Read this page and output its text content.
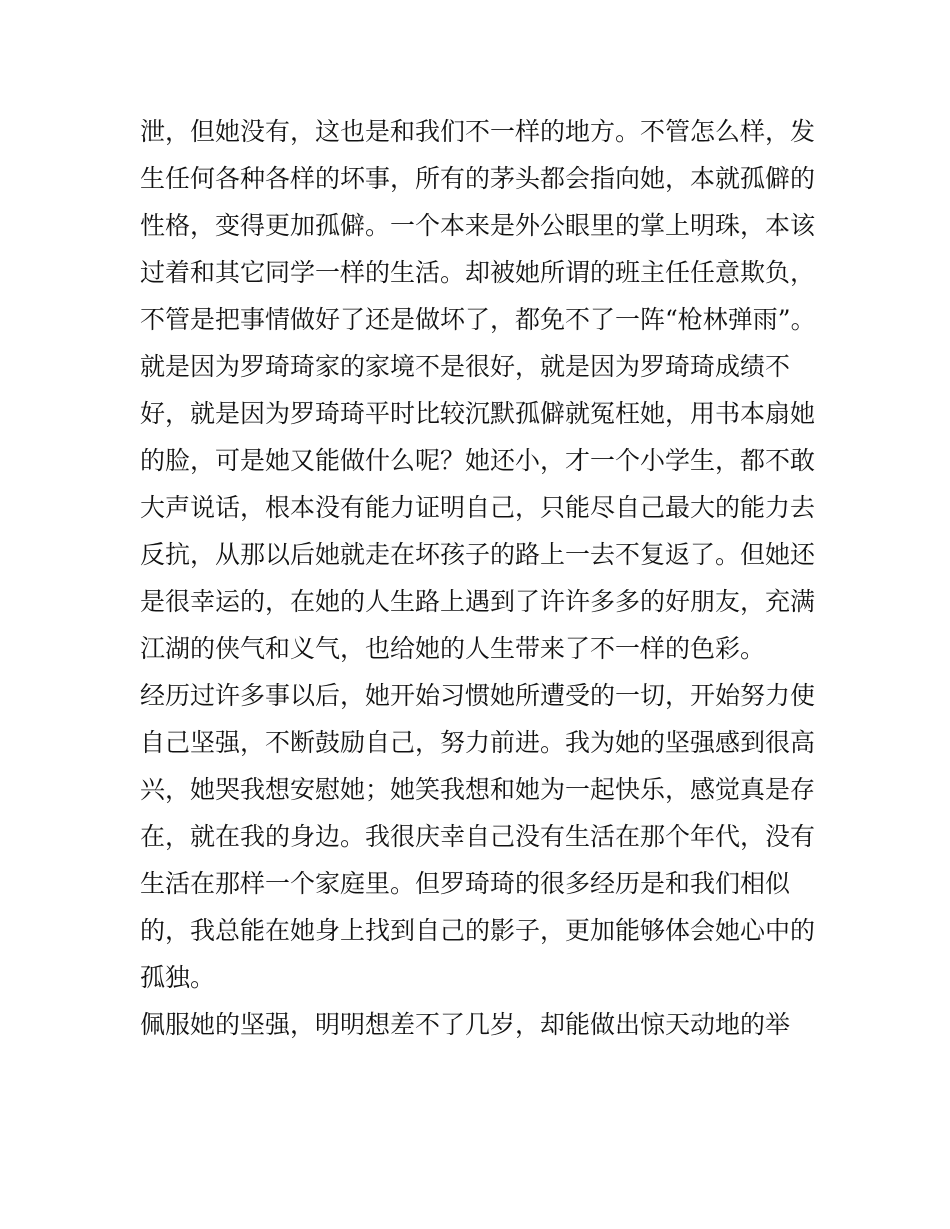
泄，但她没有，这也是和我们不一样的地方。不管怎么样，发
生任何各种各样的坏事，所有的茅头都会指向她，本就孤僻的
性格，变得更加孤僻。一个本来是外公眼里的掌上明珠，本该
过着和其它同学一样的生活。却被她所谓的班主任任意欺负，
不管是把事情做好了还是做坏了，都免不了一阵“枪林弹雨”。
就是因为罗琦琦家的家境不是很好，就是因为罗琦琦成绩不
好，就是因为罗琦琦平时比较沉默孤僻就冤枉她，用书本扇她
的脸，可是她又能做什么呢？她还小，才一个小学生，都不敢
大声说话，根本没有能力证明自己，只能尽自己最大的能力去
反抗，从那以后她就走在坏孩子的路上一去不复返了。但她还
是很幸运的，在她的人生路上遇到了许许多多的好朋友，充满
江湖的侠气和义气，也给她的人生带来了不一样的色彩。
经历过许多事以后，她开始习惯她所遭受的一切，开始努力使
自己坚强，不断鼓励自己，努力前进。我为她的坚强感到很高
兴，她哭我想安慰她；她笑我想和她为一起快乐，感觉真是存
在，就在我的身边。我很庆幸自己没有生活在那个年代，没有
生活在那样一个家庭里。但罗琦琦的很多经历是和我们相似
的，我总能在她身上找到自己的影子，更加能够体会她心中的
孤独。
佩服她的坚强，明明想差不了几岁，却能做出惊天动地的举
